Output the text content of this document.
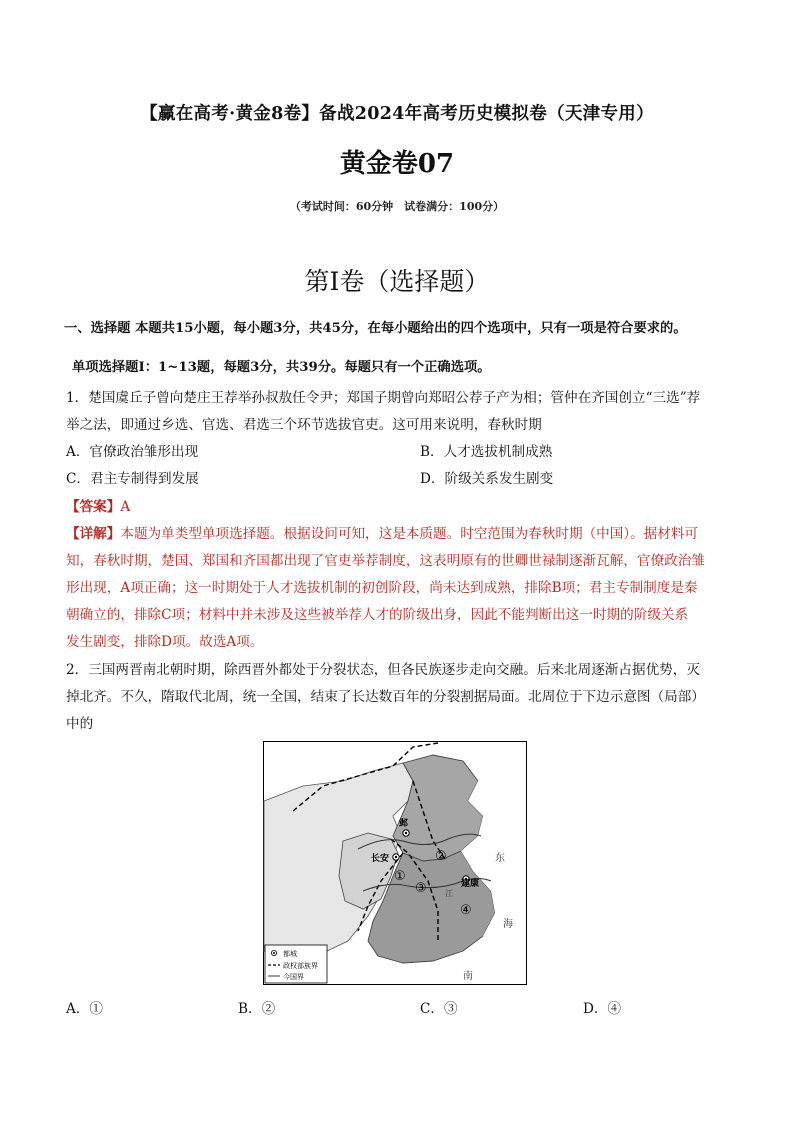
【赢在高考·黄金8卷】备战2024年高考历史模拟卷（天津专用）
黄金卷07
（考试时间：60分钟　试卷满分：100分）
第I卷（选择题）
一、选择题 本题共15小题，每小题3分，共45分，在每小题给出的四个选项中，只有一项是符合要求的。
单项选择题Ⅰ：1~13题，每题3分，共39分。每题只有一个正确选项。
1．楚国虞丘子曾向楚庄王荐举孙叔敖任令尹；郑国子期曾向郑昭公荐子产为相；管仲在齐国创立“三选”荐
举之法，即通过乡选、官选、君选三个环节选拔官吏。这可用来说明，春秋时期
A．官僚政治雏形出现	B．人才选拔机制成熟
C．君主专制得到发展	D．阶级关系发生剧变
【答案】A
【详解】本题为单类型单项选择题。根据设问可知，这是本质题。时空范围为春秋时期（中国）。据材料可
知，春秋时期，楚国、郑国和齐国都出现了官吏举荐制度，这表明原有的世卿世禄制逐渐瓦解，官僚政治雏
形出现，A项正确；这一时期处于人才选拔机制的初创阶段，尚未达到成熟，排除B项；君主专制制度是秦
朝确立的，排除C项；材料中并未涉及这些被举荐人才的阶级出身，因此不能判断出这一时期的阶级关系
发生剧变，排除D项。故选A项。
2．三国两晋南北朝时期，除西晋外都处于分裂状态，但各民族逐步走向交融。后来北周逐渐占据优势，灭
掉北齐。不久，隋取代北周，统一全国，结束了长达数百年的分裂割据局面。北周位于下边示意图（局部）
中的
邺
长安
建康
①
②
③
④
东
海
南
江
都城
政权部族界
今国界
A．①	B．②	C．③	D．④
